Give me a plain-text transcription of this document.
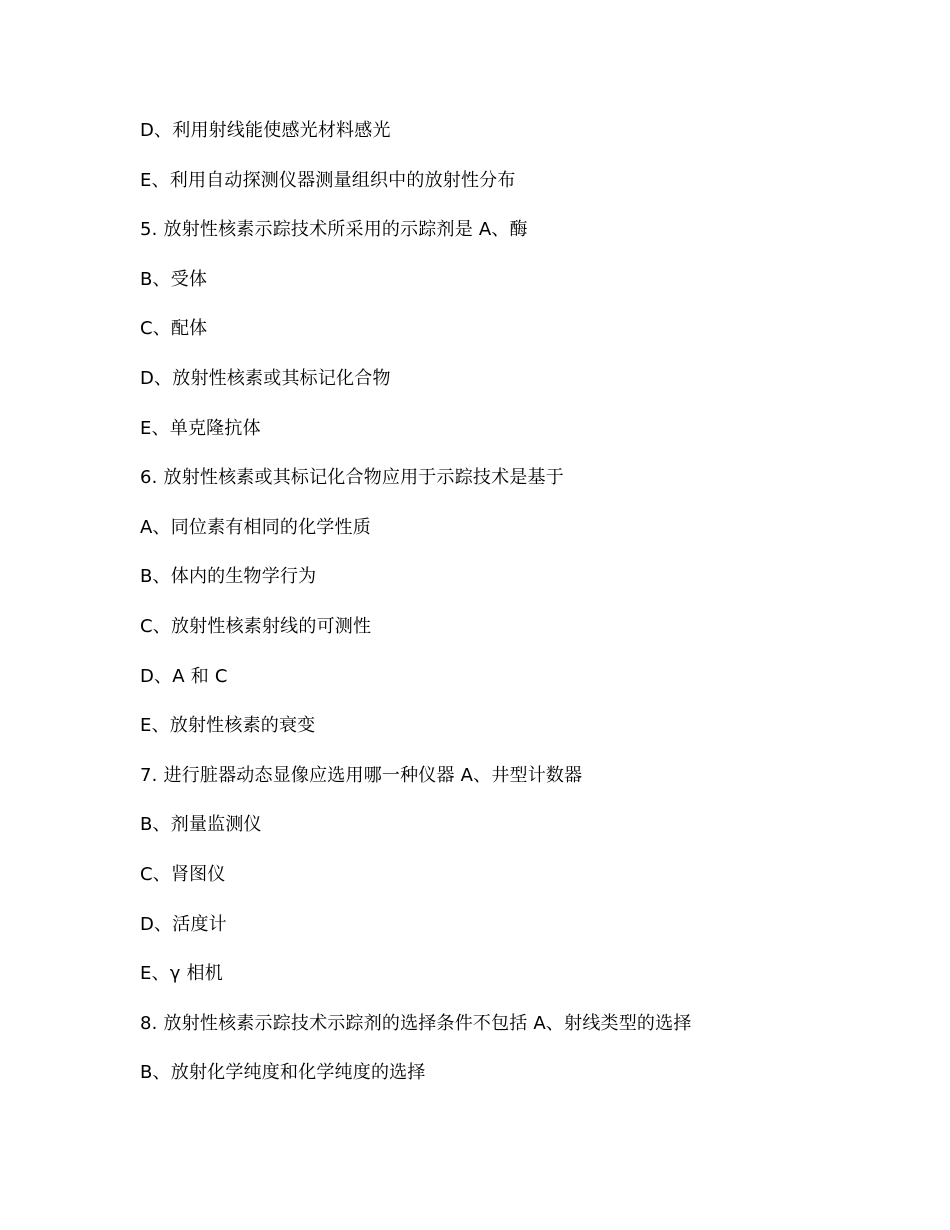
D、利用射线能使感光材料感光
E、利用自动探测仪器测量组织中的放射性分布
5. 放射性核素示踪技术所采用的示踪剂是 A、酶
B、受体
C、配体
D、放射性核素或其标记化合物
E、单克隆抗体
6. 放射性核素或其标记化合物应用于示踪技术是基于
A、同位素有相同的化学性质
B、体内的生物学行为
C、放射性核素射线的可测性
D、A 和 C
E、放射性核素的衰变
7. 进行脏器动态显像应选用哪一种仪器 A、井型计数器
B、剂量监测仪
C、肾图仪
D、活度计
E、γ 相机
8. 放射性核素示踪技术示踪剂的选择条件不包括 A、射线类型的选择
B、放射化学纯度和化学纯度的选择
